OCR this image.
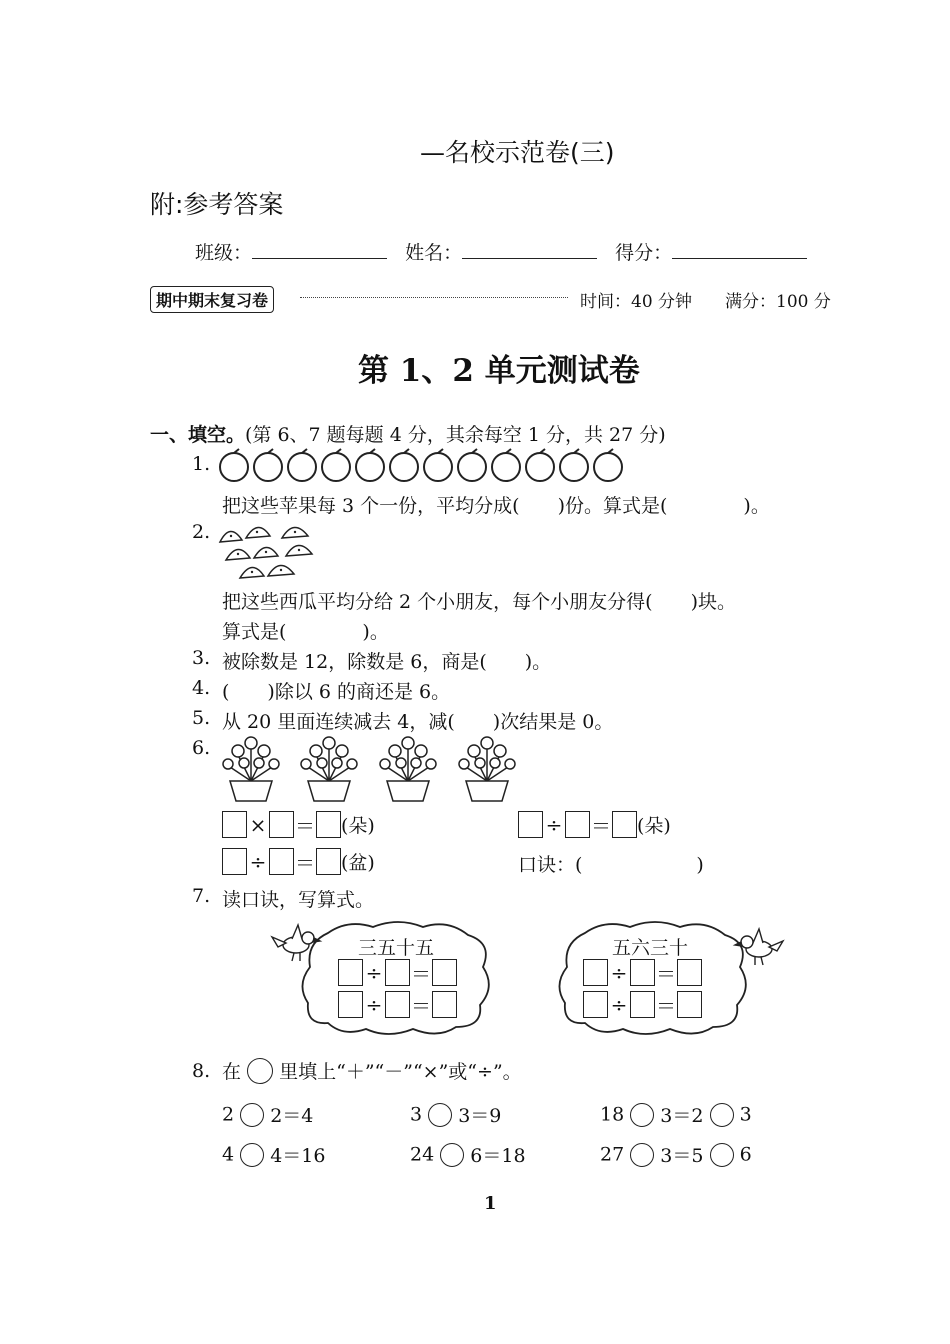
—名校示范卷(三)
附:参考答案
班级：	姓名：	得分：
期中期末复习卷	时间：40 分钟 满分：100 分
第 1、2 单元测试卷
一、填空。(第 6、7 题每题 4 分，其余每空 1 分，共 27 分)
1.
把这些苹果每 3 个一份，平均分成(　　)份。算式是(　　　　)。
2.
把这些西瓜平均分给 2 个小朋友，每个小朋友分得(　　)块。
算式是(　　　　)。
3. 被除数是 12，除数是 6，商是(　　)。
4. (　　)除以 6 的商还是 6。
5. 从 20 里面连续减去 4，减(　　)次结果是 0。
6.
× ＝ (朵)	÷ ＝ (朵)
÷ ＝ (盆)	口诀：(　　　　　　)
7. 读口诀，写算式。
三五十五
÷ ＝
÷ ＝
五六三十
÷ ＝
÷ ＝
8. 在 里填上“＋”“－”“×”或“÷”。
2 2＝4	3 3＝9	18 3＝2 3
4 4＝16	24 6＝18	27 3＝5 6
1
